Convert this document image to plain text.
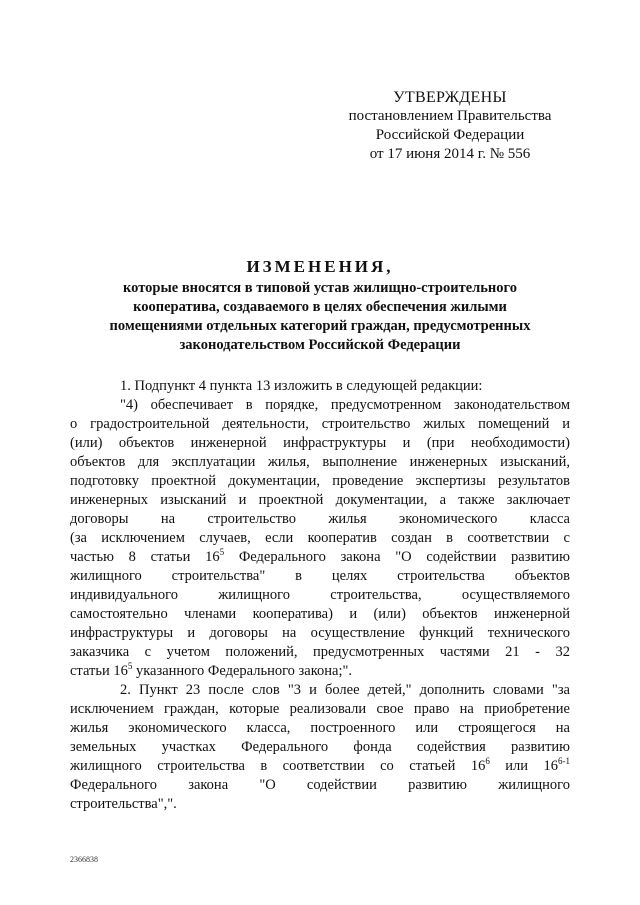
УТВЕРЖДЕНЫ
постановлением Правительства
Российской Федерации
от 17 июня 2014 г. № 556
ИЗМЕНЕНИЯ,
которые вносятся в типовой устав жилищно-строительного
кооператива, создаваемого в целях обеспечения жилыми
помещениями отдельных категорий граждан, предусмотренных
законодательством Российской Федерации
1. Подпункт 4 пункта 13 изложить в следующей редакции:
"4) обеспечивает в порядке, предусмотренном законодательством
о градостроительной деятельности, строительство жилых помещений и
(или) объектов инженерной инфраструктуры и (при необходимости)
объектов для эксплуатации жилья, выполнение инженерных изысканий,
подготовку проектной документации, проведение экспертизы результатов
инженерных изысканий и проектной документации, а также заключает
договоры на строительство жилья экономического класса
(за исключением случаев, если кооператив создан в соответствии с
частью 8 статьи $16^5$ Федерального закона "О содействии развитию
жилищного строительства" в целях строительства объектов
индивидуального жилищного строительства, осуществляемого
самостоятельно членами кооператива) и (или) объектов инженерной
инфраструктуры и договоры на осуществление функций технического
заказчика с учетом положений, предусмотренных частями 21 - 32
статьи $16^5$ указанного Федерального закона;".
2. Пункт 23 после слов "3 и более детей," дополнить словами "за
исключением граждан, которые реализовали свое право на приобретение
жилья экономического класса, построенного или строящегося на
земельных участках Федерального фонда содействия развитию
жилищного строительства в соответствии со статьей $16^6$ или 16$^{6-1}$
Федерального закона "О содействии развитию жилищного
строительства",".
2366838
